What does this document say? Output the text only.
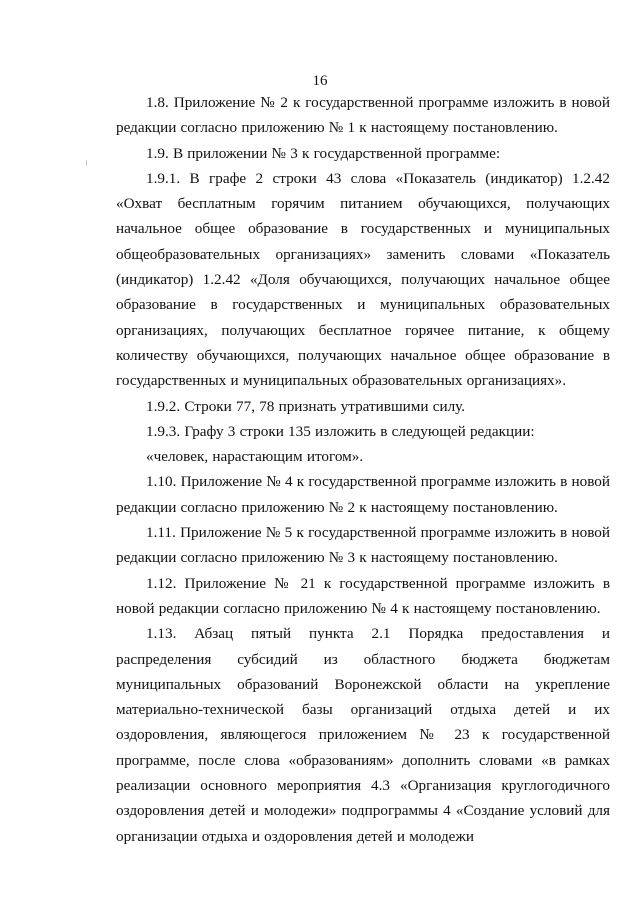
16

1.8. Приложение № 2 к государственной программе изложить в новой редакции согласно приложению № 1 к настоящему постановлению.

1.9. В приложении № 3 к государственной программе:

1.9.1. В графе 2 строки 43 слова «Показатель (индикатор) 1.2.42 «Охват бесплатным горячим питанием обучающихся, получающих начальное общее образование в государственных и муниципальных общеобразовательных организациях» заменить словами «Показатель (индикатор) 1.2.42 «Доля обучающихся, получающих начальное общее образование в государственных и муниципальных образовательных организациях, получающих бесплатное горячее питание, к общему количеству обучающихся, получающих начальное общее образование в государственных и муниципальных образовательных организациях».

1.9.2. Строки 77, 78 признать утратившими силу.

1.9.3. Графу 3 строки 135 изложить в следующей редакции:

«человек, нарастающим итогом».

1.10. Приложение № 4 к государственной программе изложить в новой редакции согласно приложению № 2 к настоящему постановлению.

1.11. Приложение № 5 к государственной программе изложить в новой редакции согласно приложению № 3 к настоящему постановлению.

1.12. Приложение № 21 к государственной программе изложить в новой редакции согласно приложению № 4 к настоящему постановлению.

1.13. Абзац пятый пункта 2.1 Порядка предоставления и распределения субсидий из областного бюджета бюджетам муниципальных образований Воронежской области на укрепление материально-технической базы организаций отдыха детей и их оздоровления, являющегося приложением № 23 к государственной программе, после слова «образованиям» дополнить словами «в рамках реализации основного мероприятия 4.3 «Организация круглогодичного оздоровления детей и молодежи» подпрограммы 4 «Создание условий для организации отдыха и оздоровления детей и молодежи
